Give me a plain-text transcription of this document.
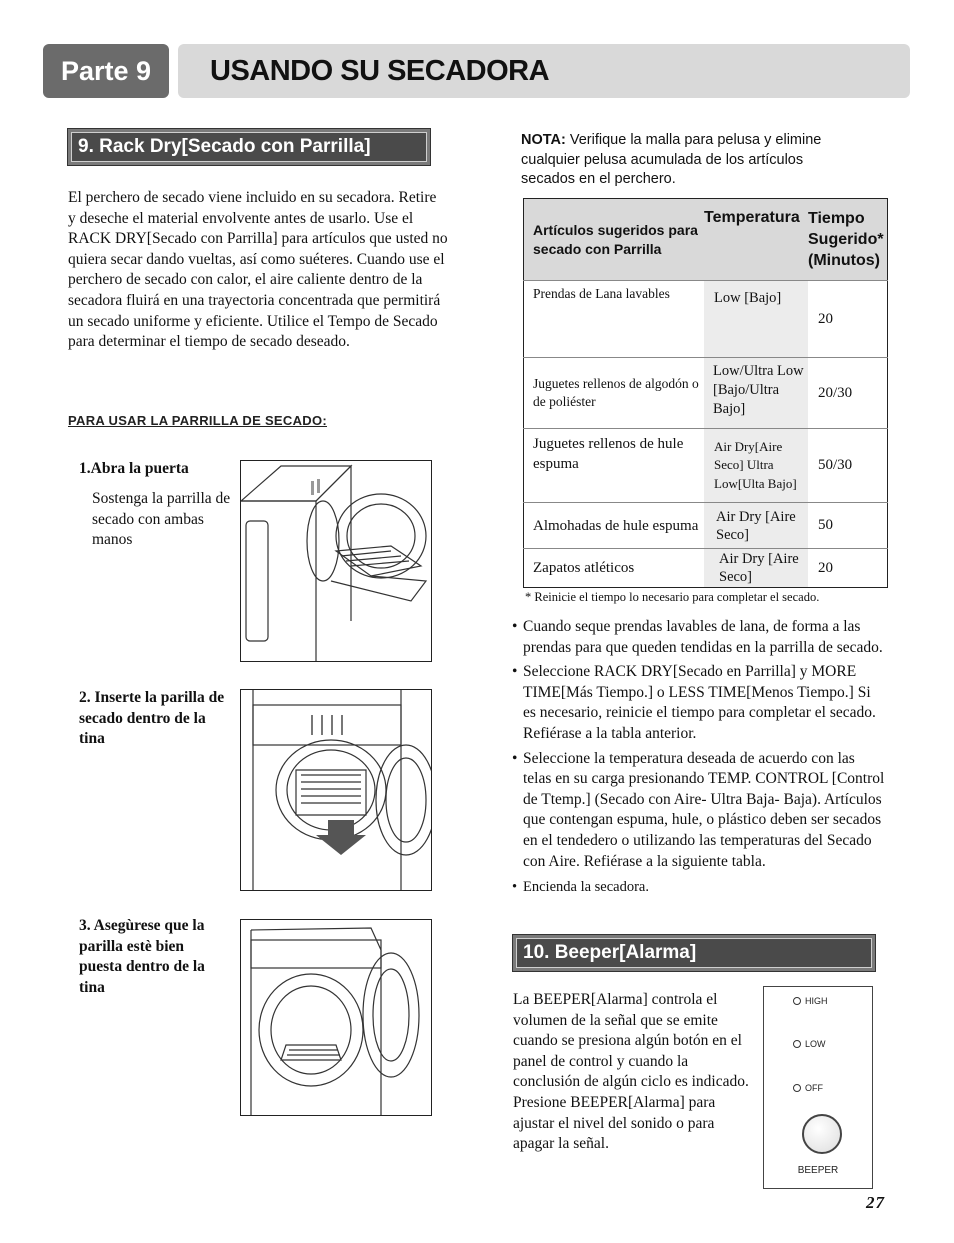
Parte 9	USANDO SU SECADORA
9. Rack Dry[Secado con Parrilla]
El perchero de secado viene incluido en su secadora. Retire y deseche el material envolvente antes de usarlo. Use el RACK DRY[Secado con Parrilla] para artículos que usted no quiera secar dando vueltas, así como suéteres. Cuando use el perchero de secado con calor, el aire caliente dentro de la secadora fluirá en una trayectoria concentrada que permitirá un secado uniforme y eficiente. Utilice el Tempo de Secado para determinar el tiempo de secado deseado.
PARA USAR LA PARRILLA DE SECADO:
1.Abra la puerta
Sostenga la parrilla de secado con ambas manos
2. Inserte la parilla de secado dentro de la tina
3. Asegùrese que la parilla estè bien puesta dentro de la tina
NOTA: Verifique la malla para pelusa y elimine cualquier pelusa acumulada de los artículos secados en el perchero.
Artículos sugeridos para secado con Parrilla	Temperatura	Tiempo Sugerido* (Minutos)
Prendas de Lana lavables	Low [Bajo]	20
Juguetes rellenos de algodón o de poliéster	Low/Ultra Low [Bajo/Ultra Bajo]	20/30
Juguetes rellenos de hule espuma	Air Dry[Aire Seco] Ultra Low[Ulta Bajo]	50/30
Almohadas de hule espuma	Air Dry [Aire Seco]	50
Zapatos atléticos	Air Dry [Aire Seco]	20
* Reinicie el tiempo lo necesario para completar el secado.
• Cuando seque prendas lavables de lana, de forma a las prendas para que queden tendidas en la parrilla de secado.
• Seleccione RACK DRY[Secado en Parrilla] y MORE TIME[Más Tiempo.] o LESS TIME[Menos Tiempo.] Si es necesario, reinicie el tiempo para completar el secado. Refiérase a la tabla anterior.
• Seleccione la temperatura deseada de acuerdo con las telas en su carga presionando TEMP. CONTROL [Control de Ttemp.] (Secado con Aire- Ultra Baja- Baja). Artículos que contengan espuma, hule, o plástico deben ser secados en el tendedero o utilizando las temperaturas del Secado con Aire. Refiérase a la siguiente tabla.
• Encienda la secadora.
10. Beeper[Alarma]
La BEEPER[Alarma] controla el volumen de la señal que se emite cuando se presiona algún botón en el panel de control y cuando la conclusión de algún ciclo es indicado. Presione BEEPER[Alarma] para ajustar el nivel del sonido o para apagar la señal.
HIGH
LOW
OFF
BEEPER
27
